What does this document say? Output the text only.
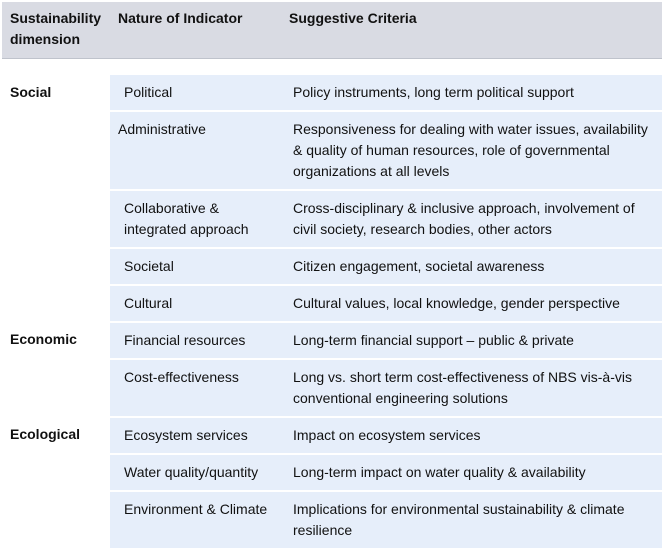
Sustainability dimension	Nature of Indicator	Suggestive Criteria

Social	Political	Policy instruments, long term political support
	Administrative	Responsiveness for dealing with water issues, availability & quality of human resources, role of governmental organizations at all levels
	Collaborative & integrated approach	Cross-disciplinary & inclusive approach, involvement of civil society, research bodies, other actors
	Societal	Citizen engagement, societal awareness
	Cultural	Cultural values, local knowledge, gender perspective
Economic	Financial resources	Long-term financial support – public & private
	Cost-effectiveness	Long vs. short term cost-effectiveness of NBS vis-à-vis conventional engineering solutions
Ecological	Ecosystem services	Impact on ecosystem services
	Water quality/quantity	Long-term impact on water quality & availability
	Environment & Climate	Implications for environmental sustainability & climate resilience
